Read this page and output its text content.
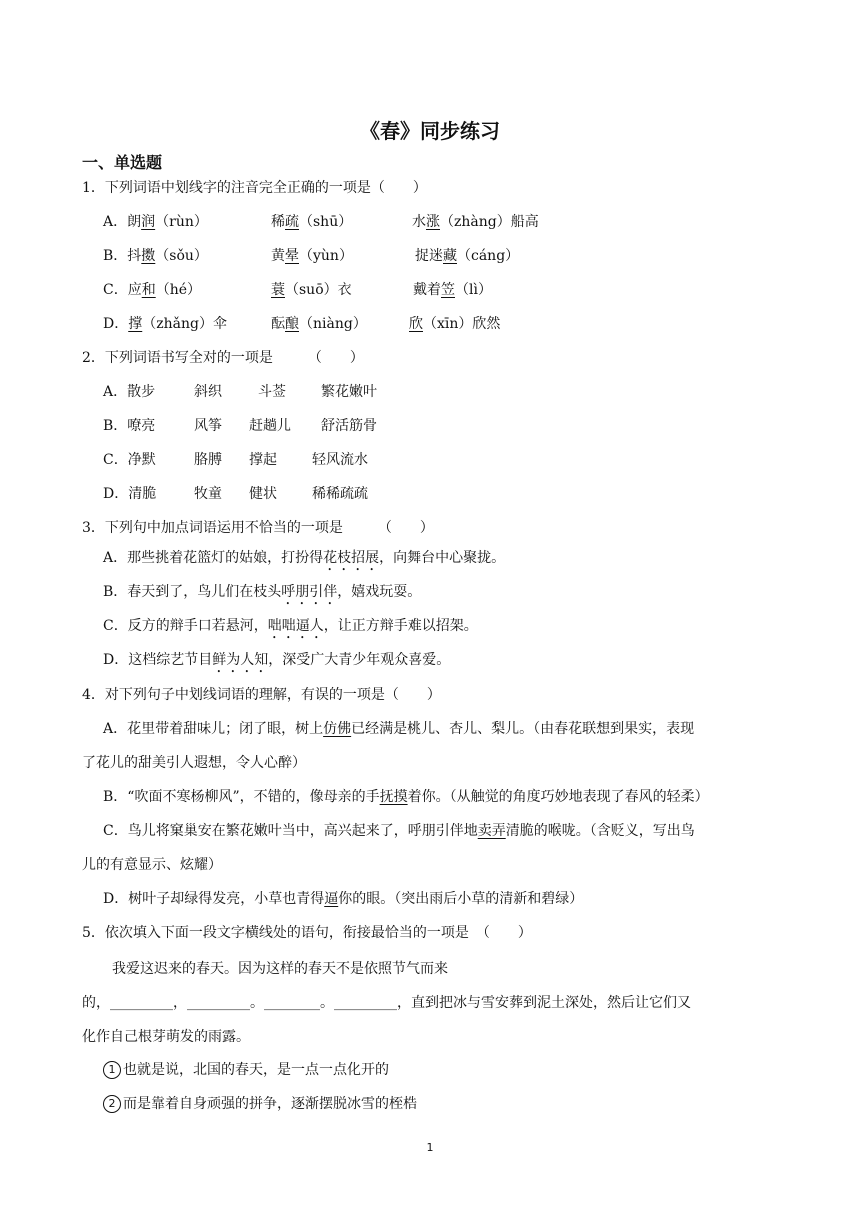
《春》同步练习
一、单选题
1．下列词语中划线字的注音完全正确的一项是（　　）
A．朗润（rùn）	稀疏（shū）	水涨（zhàng）船高
B．抖擞（sǒu）	黄晕（yùn）	捉迷藏（cáng）
C．应和（hé）	蓑（suō）衣	戴着笠（lì）
D．撑（zhǎng）伞	酝酿（niàng）	欣（xīn）欣然
2．下列词语书写全对的一项是　　　（　　）
A．散步	斜织	斗莶	繁花嫩叶
B．嘹亮	风筝 赶趟儿 舒活筋骨
C．净默	胳膊 撑起	轻风流水
D．清脆	牧童 健状	稀稀疏疏
3．下列句中加点词语运用不恰当的一项是　　　（　　）
A．那些挑着花篮灯的姑娘，打扮得花枝招展，向舞台中心聚拢。
B．春天到了，鸟儿们在枝头呼朋引伴，嬉戏玩耍。
C．反方的辩手口若悬河，咄咄逼人，让正方辩手难以招架。
D．这档综艺节目鲜为人知，深受广大青少年观众喜爱。
4．对下列句子中划线词语的理解，有误的一项是（　　）
A．花里带着甜味儿；闭了眼，树上仿佛已经满是桃儿、杏儿、梨儿。（由春花联想到果实，表现
了花儿的甜美引人遐想，令人心醉）
B．“吹面不寒杨柳风”，不错的，像母亲的手抚摸着你。（从触觉的角度巧妙地表现了春风的轻柔）
C．鸟儿将窠巢安在繁花嫩叶当中，高兴起来了，呼朋引伴地卖弄清脆的喉咙。（含贬义，写出鸟
儿的有意显示、炫耀）
D．树叶子却绿得发亮，小草也青得逼你的眼。（突出雨后小草的清新和碧绿）
5．依次填入下面一段文字横线处的语句，衔接最恰当的一项是　（　　）
我爱这迟来的春天。因为这样的春天不是依照节气而来
的，_________，_________。________。_________，直到把冰与雪安葬到泥土深处，然后让它们又
化作自己根芽萌发的雨露。
1 也就是说，北国的春天，是一点一点化开的
2 而是靠着自身顽强的拼争，逐渐摆脱冰雪的桎梏
1
